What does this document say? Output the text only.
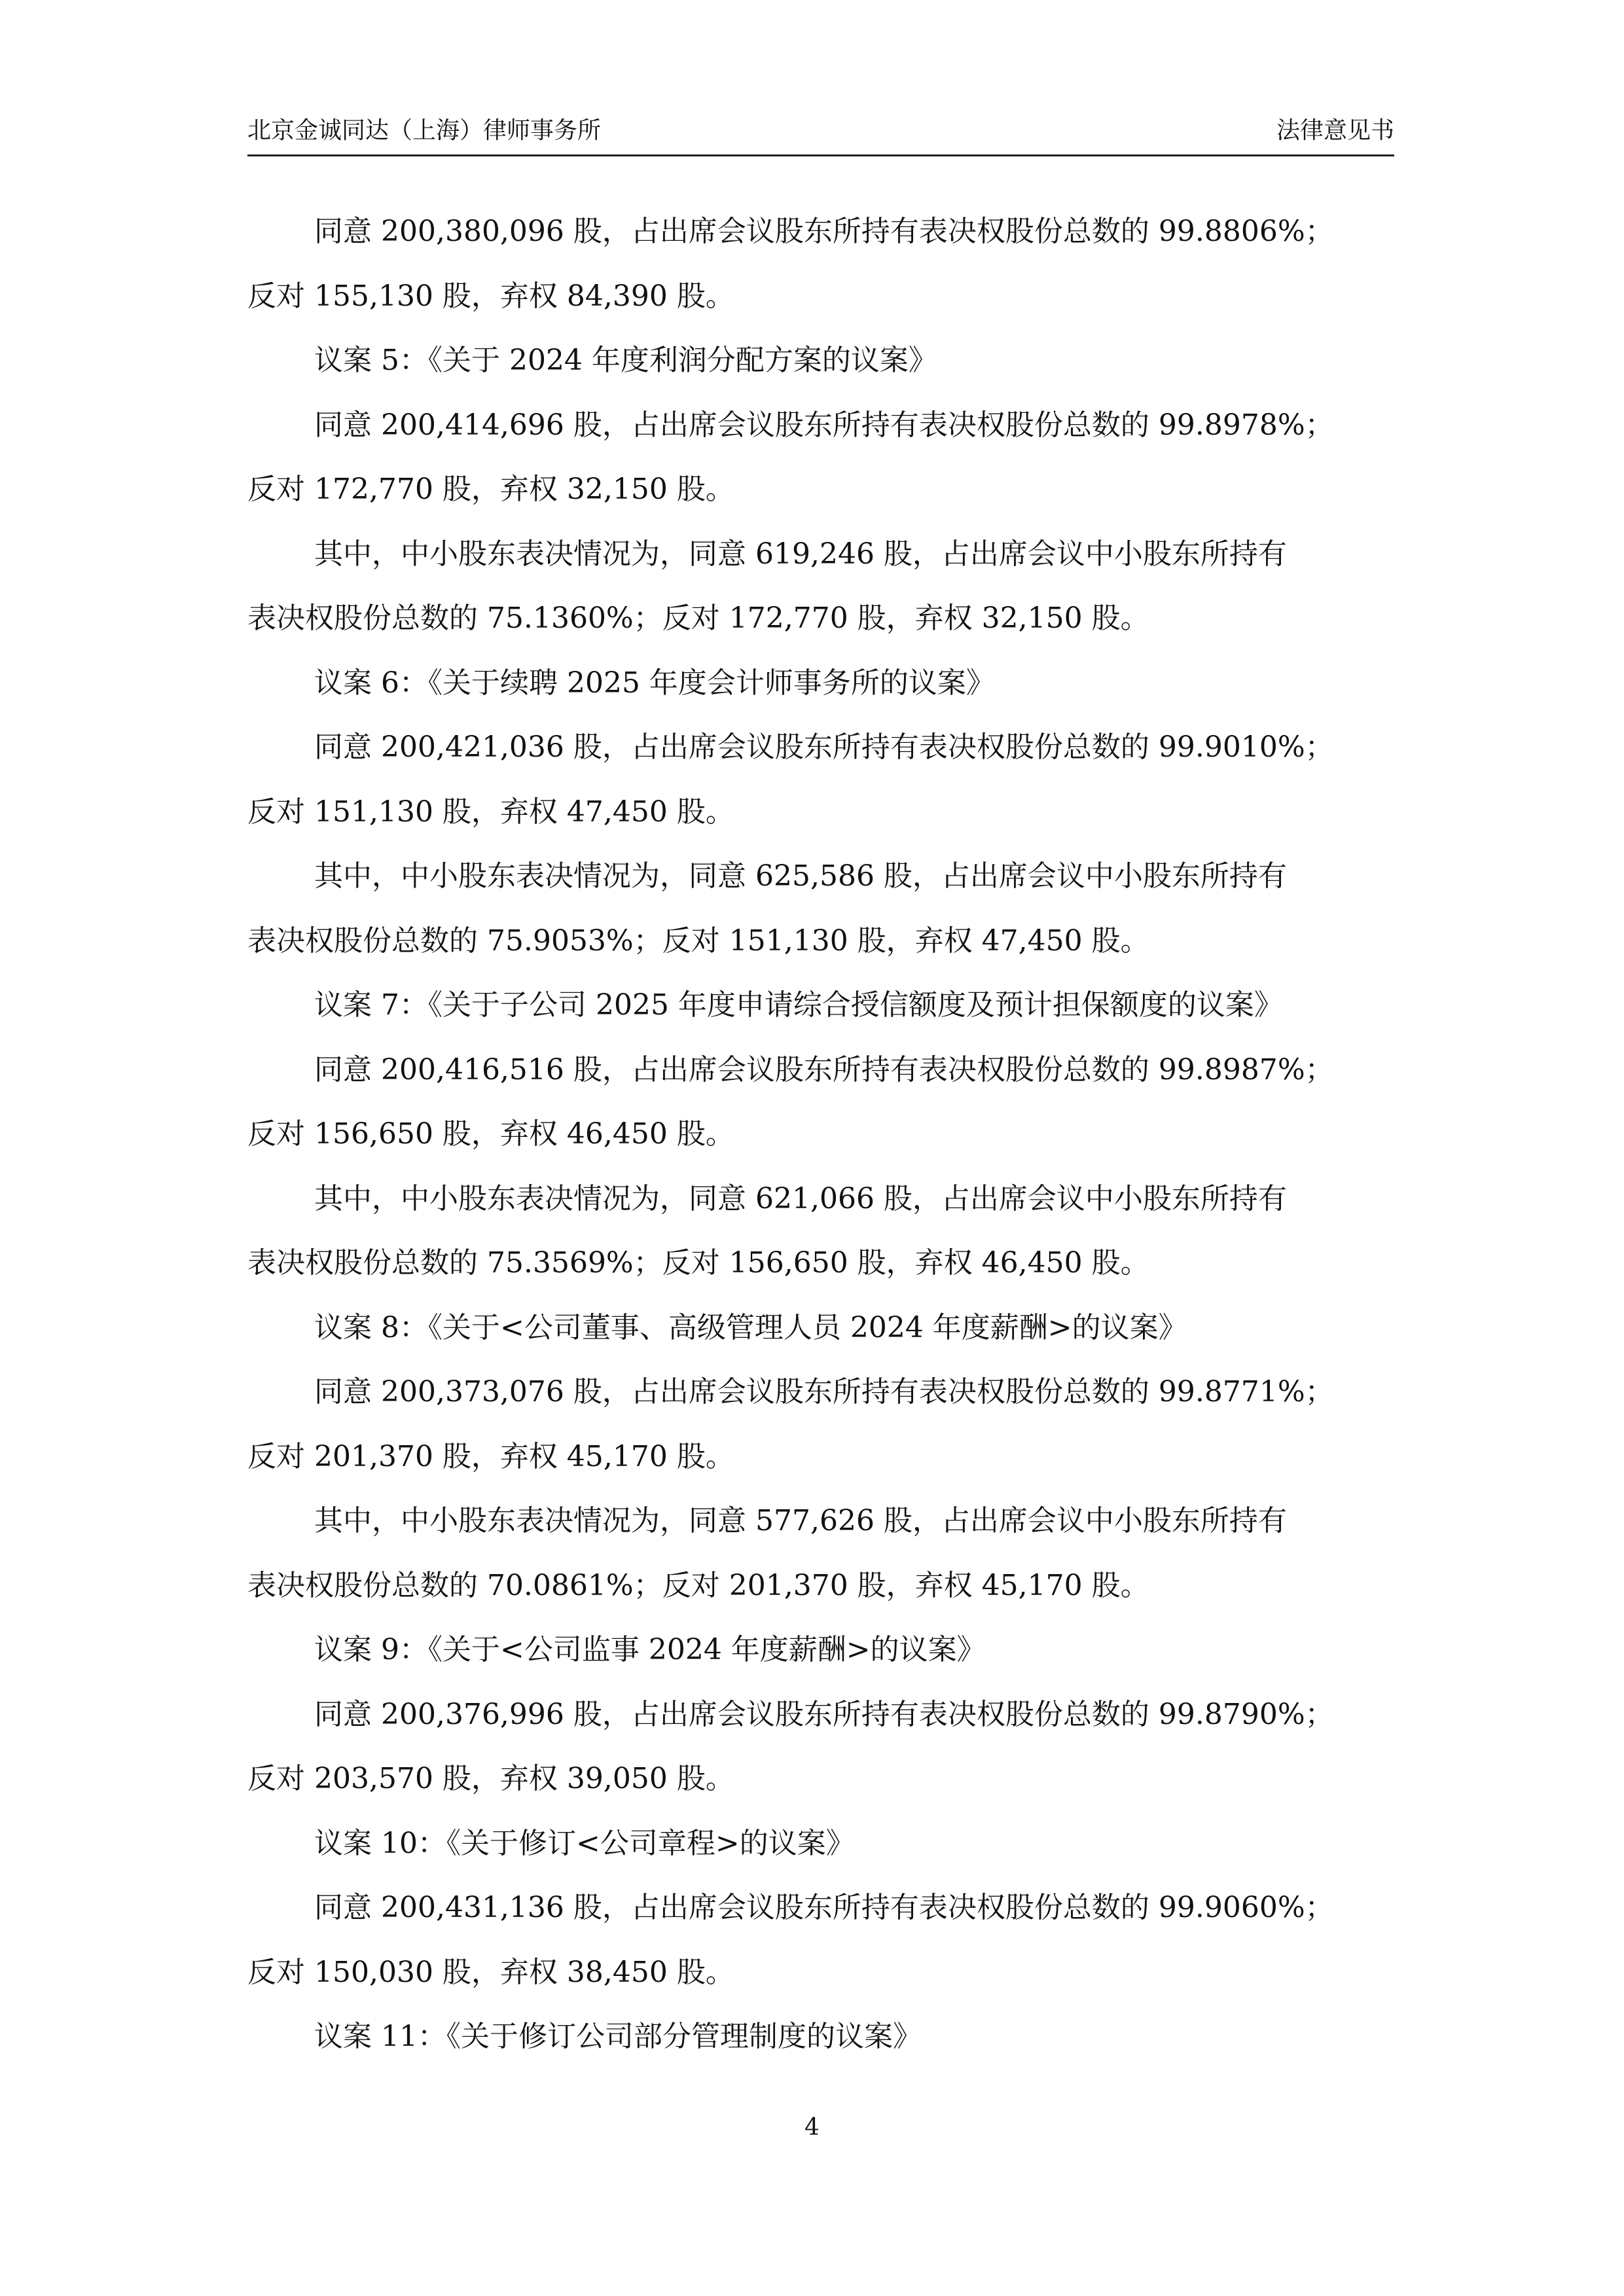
北京金诚同达（上海）律师事务所	法律意见书
同意 200,380,096 股，占出席会议股东所持有表决权股份总数的 99.8806%；
反对 155,130 股，弃权 84,390 股。
议案 5：《关于 2024 年度利润分配方案的议案》
同意 200,414,696 股，占出席会议股东所持有表决权股份总数的 99.8978%；
反对 172,770 股，弃权 32,150 股。
其中，中小股东表决情况为，同意 619,246 股，占出席会议中小股东所持有
表决权股份总数的 75.1360%；反对 172,770 股，弃权 32,150 股。
议案 6：《关于续聘 2025 年度会计师事务所的议案》
同意 200,421,036 股，占出席会议股东所持有表决权股份总数的 99.9010%；
反对 151,130 股，弃权 47,450 股。
其中，中小股东表决情况为，同意 625,586 股，占出席会议中小股东所持有
表决权股份总数的 75.9053%；反对 151,130 股，弃权 47,450 股。
议案 7：《关于子公司 2025 年度申请综合授信额度及预计担保额度的议案》
同意 200,416,516 股，占出席会议股东所持有表决权股份总数的 99.8987%；
反对 156,650 股，弃权 46,450 股。
其中，中小股东表决情况为，同意 621,066 股，占出席会议中小股东所持有
表决权股份总数的 75.3569%；反对 156,650 股，弃权 46,450 股。
议案 8：《关于<公司董事、高级管理人员 2024 年度薪酬>的议案》
同意 200,373,076 股，占出席会议股东所持有表决权股份总数的 99.8771%；
反对 201,370 股，弃权 45,170 股。
其中，中小股东表决情况为，同意 577,626 股，占出席会议中小股东所持有
表决权股份总数的 70.0861%；反对 201,370 股，弃权 45,170 股。
议案 9：《关于<公司监事 2024 年度薪酬>的议案》
同意 200,376,996 股，占出席会议股东所持有表决权股份总数的 99.8790%；
反对 203,570 股，弃权 39,050 股。
议案 10：《关于修订<公司章程>的议案》
同意 200,431,136 股，占出席会议股东所持有表决权股份总数的 99.9060%；
反对 150,030 股，弃权 38,450 股。
议案 11：《关于修订公司部分管理制度的议案》
4
